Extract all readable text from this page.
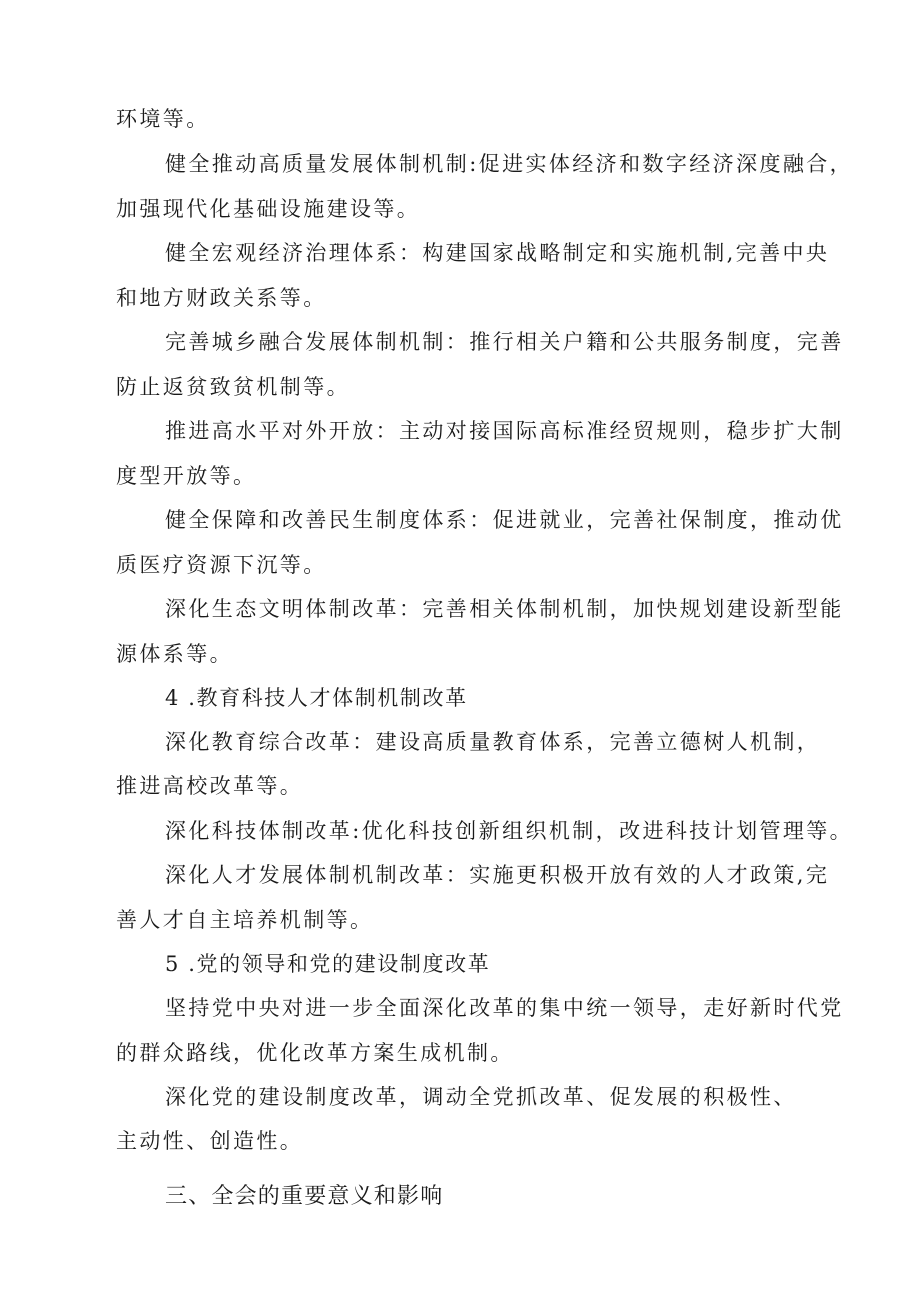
环境等。
健全推动高质量发展体制机制:促进实体经济和数字经济深度融合，
加强现代化基础设施建设等。
健全宏观经济治理体系：构建国家战略制定和实施机制,完善中央
和地方财政关系等。
完善城乡融合发展体制机制：推行相关户籍和公共服务制度，完善
防止返贫致贫机制等。
推进高水平对外开放：主动对接国际高标准经贸规则，稳步扩大制
度型开放等。
健全保障和改善民生制度体系：促进就业，完善社保制度，推动优
质医疗资源下沉等。
深化生态文明体制改革：完善相关体制机制，加快规划建设新型能
源体系等。
4 .教育科技人才体制机制改革
深化教育综合改革：建设高质量教育体系，完善立德树人机制，
推进高校改革等。
深化科技体制改革:优化科技创新组织机制，改进科技计划管理等。
深化人才发展体制机制改革：实施更积极开放有效的人才政策,完
善人才自主培养机制等。
5 .党的领导和党的建设制度改革
坚持党中央对进一步全面深化改革的集中统一领导，走好新时代党
的群众路线，优化改革方案生成机制。
深化党的建设制度改革，调动全党抓改革、促发展的积极性、
主动性、创造性。
三、全会的重要意义和影响
